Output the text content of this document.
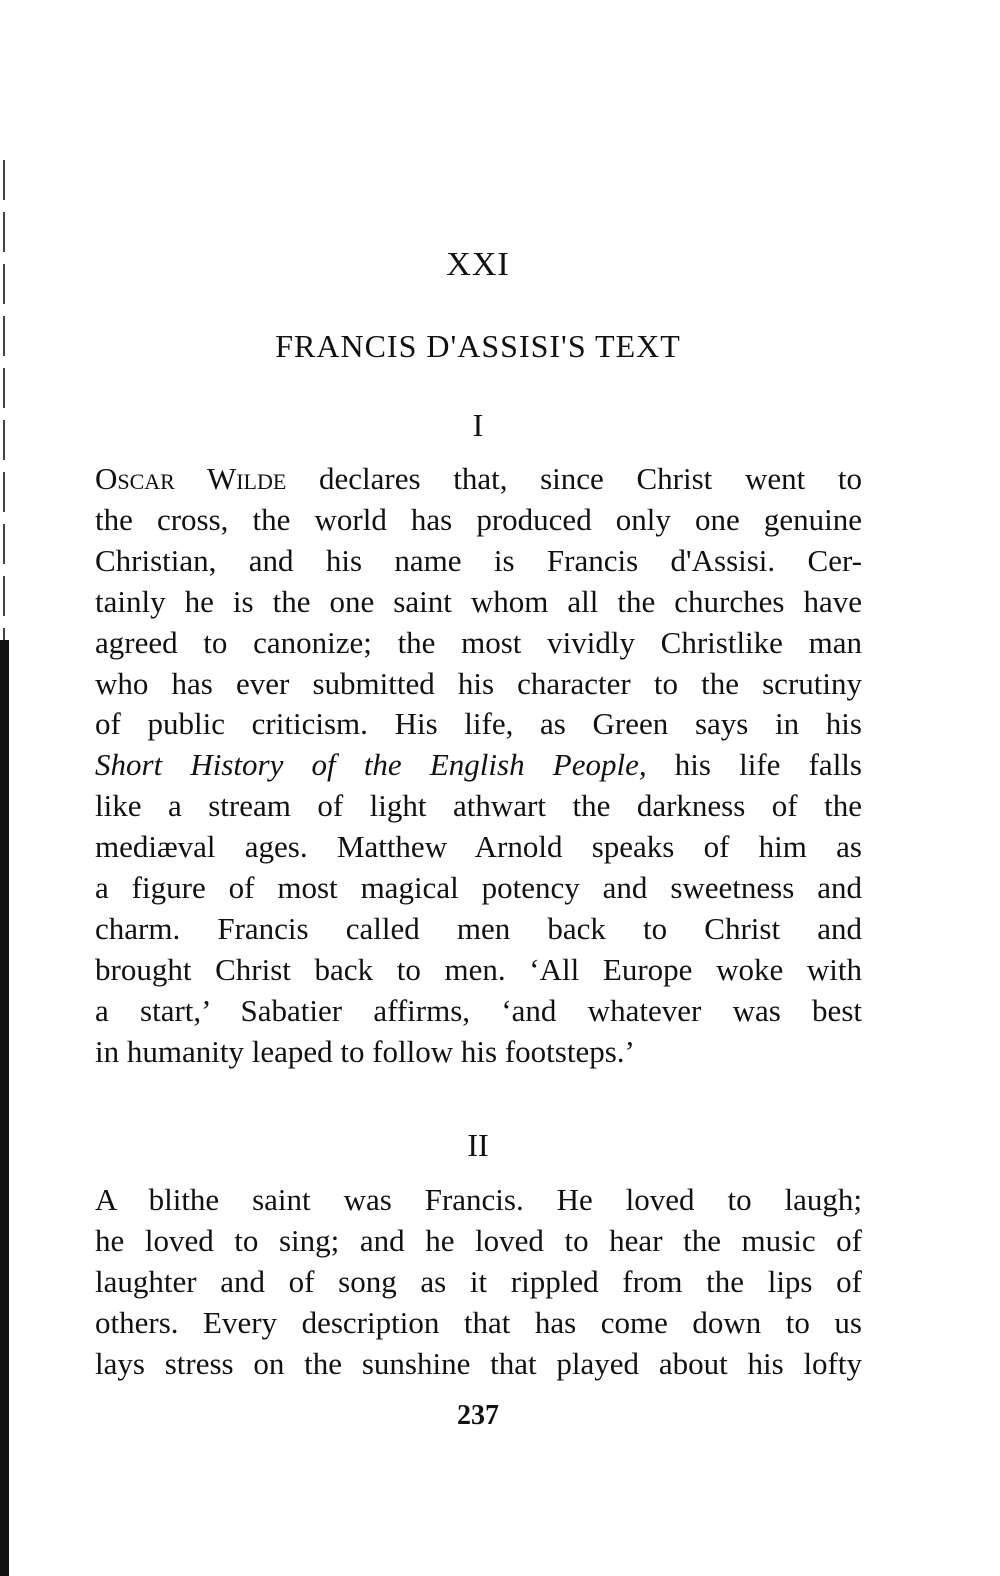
XXI
FRANCIS D'ASSISI'S TEXT
I
Oscar Wilde declares that, since Christ went to
the cross, the world has produced only one genuine
Christian, and his name is Francis d'Assisi. Cer-
tainly he is the one saint whom all the churches have
agreed to canonize; the most vividly Christlike man
who has ever submitted his character to the scrutiny
of public criticism. His life, as Green says in his
Short History of the English People, his life falls
like a stream of light athwart the darkness of the
mediæval ages. Matthew Arnold speaks of him as
a figure of most magical potency and sweetness and
charm. Francis called men back to Christ and
brought Christ back to men. ‘All Europe woke with
a start,’ Sabatier affirms, ‘and whatever was best
in humanity leaped to follow his footsteps.’
II
A blithe saint was Francis. He loved to laugh;
he loved to sing; and he loved to hear the music of
laughter and of song as it rippled from the lips of
others. Every description that has come down to us
lays stress on the sunshine that played about his lofty
237
